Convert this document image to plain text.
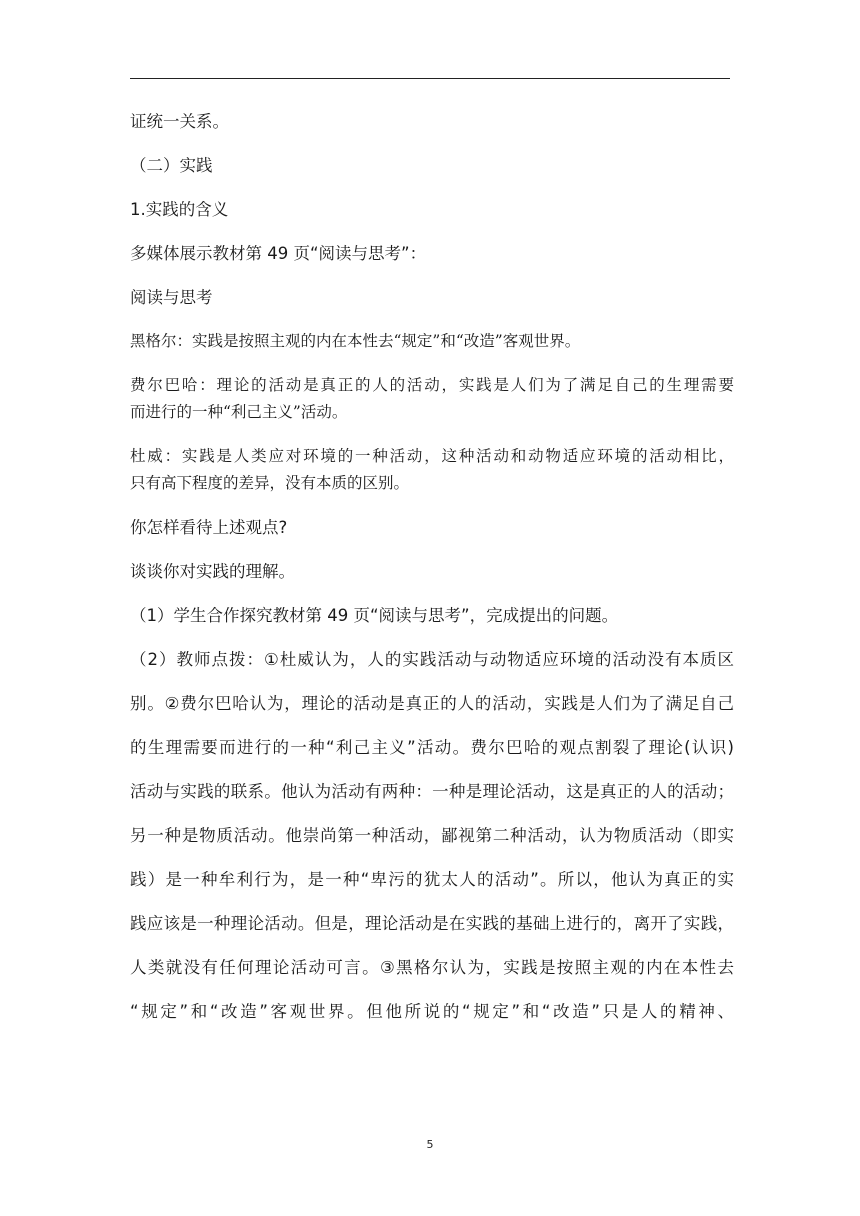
证统一关系。
（二）实践
1.实践的含义
多媒体展示教材第 49 页“阅读与思考”：
阅读与思考
黑格尔：实践是按照主观的内在本性去“规定”和“改造”客观世界。
费尔巴哈：理论的活动是真正的人的活动，实践是人们为了满足自己的生理需要
而进行的一种“利己主义”活动。
杜威：实践是人类应对环境的一种活动，这种活动和动物适应环境的活动相比，
只有高下程度的差异，没有本质的区别。
你怎样看待上述观点?
谈谈你对实践的理解。
（1）学生合作探究教材第 49 页“阅读与思考”，完成提出的问题。
（2）教师点拨：①杜威认为，人的实践活动与动物适应环境的活动没有本质区
别。②费尔巴哈认为，理论的活动是真正的人的活动，实践是人们为了满足自己
的生理需要而进行的一种“利己主义”活动。费尔巴哈的观点割裂了理论(认识)
活动与实践的联系。他认为活动有两种：一种是理论活动，这是真正的人的活动；
另一种是物质活动。他崇尚第一种活动，鄙视第二种活动，认为物质活动（即实
践）是一种牟利行为，是一种“卑污的犹太人的活动”。所以，他认为真正的实
践应该是一种理论活动。但是，理论活动是在实践的基础上进行的，离开了实践，
人类就没有任何理论活动可言。③黑格尔认为，实践是按照主观的内在本性去
“规定”和“改造”客观世界。但他所说的“规定”和“改造”只是人的精神、
5
